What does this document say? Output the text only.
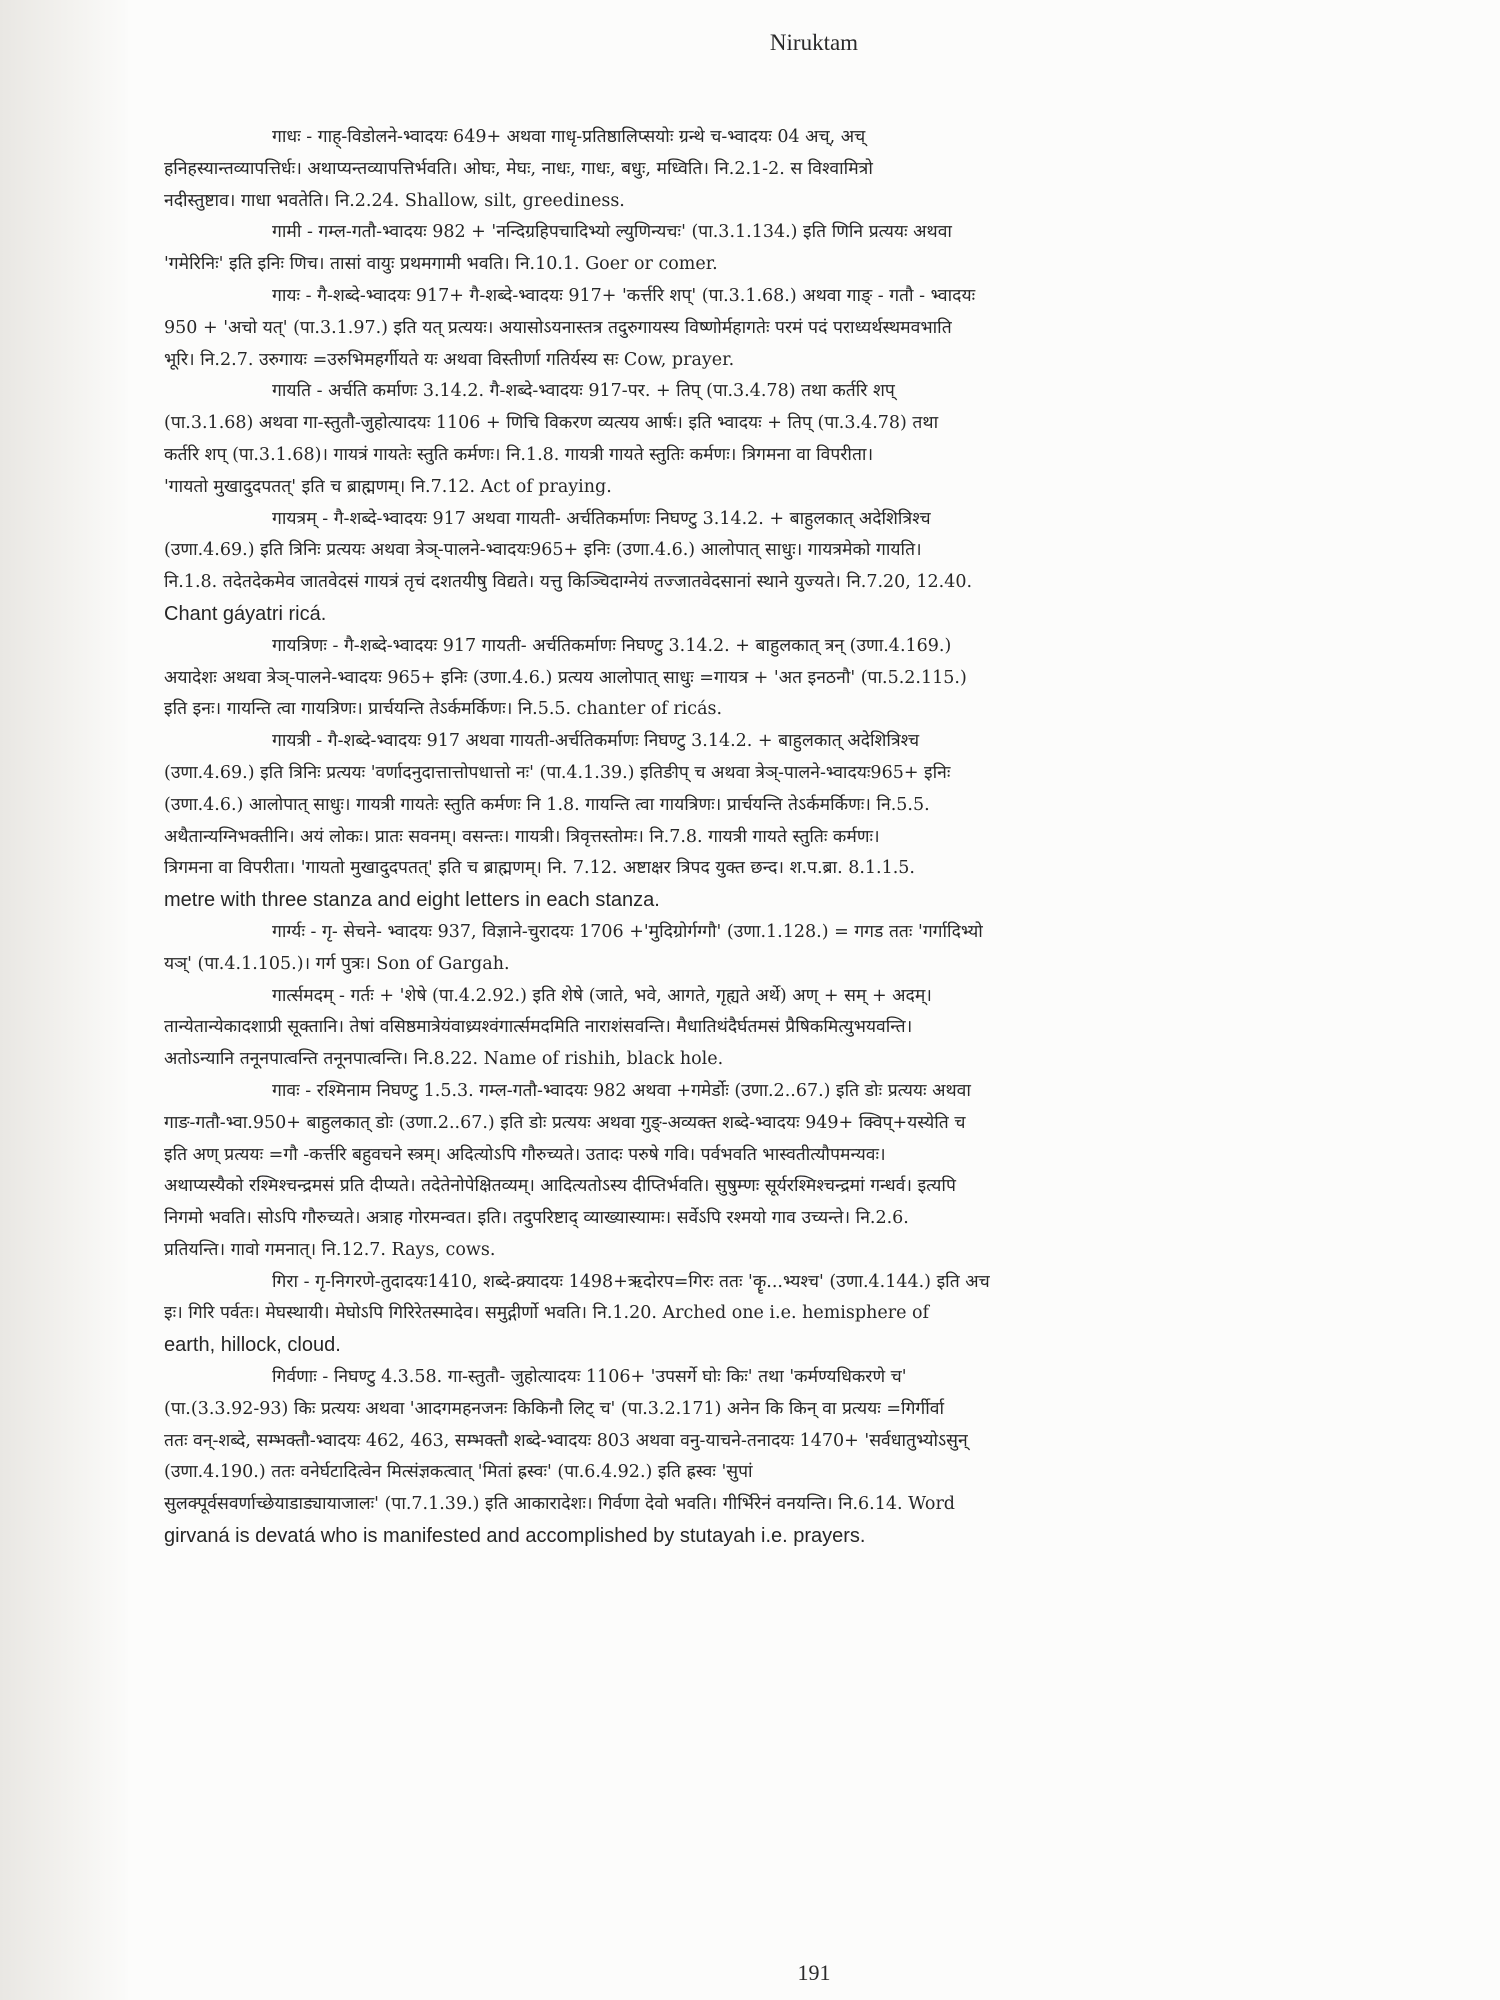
Niruktam
गाधः - गाह्-विडोलने-भ्वादयः 649+ अथवा गाधृ-प्रतिष्ठालिप्सयोः ग्रन्थे च-भ्वादयः 04 अच्, अच्
हनिहस्यान्तव्यापत्तिर्धः। अथाप्यन्तव्यापत्तिर्भवति। ओघः, मेघः, नाधः, गाधः, बधुः, मध्विति। नि.2.1-2. स विश्वामित्रो
नदीस्तुष्टाव। गाधा भवतेति। नि.2.24. Shallow, silt, greediness.
गामी - गम्ल-गतौ-भ्वादयः 982 + 'नन्दिग्रहिपचादिभ्यो ल्युणिन्यचः' (पा.3.1.134.) इति णिनि प्रत्ययः अथवा
'गमेरिनिः' इति इनिः णिच। तासां वायुः प्रथमगामी भवति। नि.10.1. Goer or comer.
गायः - गै-शब्दे-भ्वादयः 917+ गै-शब्दे-भ्वादयः 917+ 'कर्त्तरि शप्' (पा.3.1.68.) अथवा गाङ् - गतौ - भ्वादयः
950 + 'अचो यत्' (पा.3.1.97.) इति यत् प्रत्ययः। अयासोऽयनास्तत्र तदुरुगायस्य विष्णोर्महागतेः परमं पदं पराध्यर्थस्थमवभाति
भूरि। नि.2.7. उरुगायः =उरुभिमहर्गीयते यः अथवा विस्तीर्णा गतिर्यस्य सः Cow, prayer.
गायति - अर्चति कर्माणः 3.14.2. गै-शब्दे-भ्वादयः 917-पर. + तिप् (पा.3.4.78) तथा कर्तरि शप्
(पा.3.1.68) अथवा गा-स्तुतौ-जुहोत्यादयः 1106 + णिचि विकरण व्यत्यय आर्षः। इति भ्वादयः + तिप् (पा.3.4.78) तथा
कर्तरि शप् (पा.3.1.68)। गायत्रं गायतेः स्तुति कर्मणः। नि.1.8. गायत्री गायते स्तुतिः कर्मणः। त्रिगमना वा विपरीता।
'गायतो मुखादुदपतत्' इति च ब्राह्मणम्। नि.7.12. Act of praying.
गायत्रम् - गै-शब्दे-भ्वादयः 917 अथवा गायती- अर्चतिकर्माणः निघण्टु 3.14.2. + बाहुलकात् अदेशित्रिश्च
(उणा.4.69.) इति त्रिनिः प्रत्ययः अथवा त्रेञ्-पालने-भ्वादयः965+ इनिः (उणा.4.6.) आलोपात् साधुः। गायत्रमेको गायति।
नि.1.8. तदेतदेकमेव जातवेदसं गायत्रं तृचं दशतयीषु विद्यते। यत्तु किञ्चिदाग्नेयं तज्जातवेदसानां स्थाने युज्यते। नि.7.20, 12.40.
Chant gáyatri ricá.
गायत्रिणः - गै-शब्दे-भ्वादयः 917 गायती- अर्चतिकर्माणः निघण्टु 3.14.2. + बाहुलकात् त्रन् (उणा.4.169.)
अयादेशः अथवा त्रेञ्-पालने-भ्वादयः 965+ इनिः (उणा.4.6.) प्रत्यय आलोपात् साधुः =गायत्र + 'अत इनठनौ' (पा.5.2.115.)
इति इनः। गायन्ति त्वा गायत्रिणः। प्रार्चयन्ति तेऽर्कमर्किणः। नि.5.5. chanter of ricás.
गायत्री - गै-शब्दे-भ्वादयः 917 अथवा गायती-अर्चतिकर्माणः निघण्टु 3.14.2. + बाहुलकात् अदेशित्रिश्च
(उणा.4.69.) इति त्रिनिः प्रत्ययः 'वर्णादनुदात्तात्तोपधात्तो नः' (पा.4.1.39.) इतिङीप् च अथवा त्रेञ्-पालने-भ्वादयः965+ इनिः
(उणा.4.6.) आलोपात् साधुः। गायत्री गायतेः स्तुति कर्मणः नि 1.8. गायन्ति त्वा गायत्रिणः। प्रार्चयन्ति तेऽर्कमर्किणः। नि.5.5.
अथैतान्यग्निभक्तीनि। अयं लोकः। प्रातः सवनम्। वसन्तः। गायत्री। त्रिवृत्तस्तोमः। नि.7.8. गायत्री गायते स्तुतिः कर्मणः।
त्रिगमना वा विपरीता। 'गायतो मुखादुदपतत्' इति च ब्राह्मणम्। नि. 7.12. अष्टाक्षर त्रिपद युक्त छन्द। श.प.ब्रा. 8.1.1.5.
metre with three stanza and eight letters in each stanza.
गार्ग्यः - गृ- सेचने- भ्वादयः 937, विज्ञाने-चुरादयः 1706 +'मुदिग्रोर्गग्गौ' (उणा.1.128.) = गगड ततः 'गर्गादिभ्यो
यञ्' (पा.4.1.105.)। गर्ग पुत्रः। Son of Gargah.
गार्त्समदम् - गर्तः + 'शेषे (पा.4.2.92.) इति शेषे (जाते, भवे, आगते, गृह्यते अर्थे) अण् + सम् + अदम्।
तान्येतान्येकादशाप्री सूक्तानि। तेषां वसिष्ठमात्रेयंवाध्र्यश्वंगार्त्समदमिति नाराशंसवन्ति। मैधातिथंदैर्घतमसं प्रैषिकमित्युभयवन्ति।
अतोऽन्यानि तनूनपात्वन्ति तनूनपात्वन्ति। नि.8.22. Name of rishih, black hole.
गावः - रश्मिनाम निघण्टु 1.5.3. गम्ल-गतौ-भ्वादयः 982 अथवा +गमेर्डोः (उणा.2..67.) इति डोः प्रत्ययः अथवा
गाङ-गतौ-भ्वा.950+ बाहुलकात् डोः (उणा.2..67.) इति डोः प्रत्ययः अथवा गुङ्-अव्यक्त शब्दे-भ्वादयः 949+ क्विप्+यस्येति च
इति अण् प्रत्ययः =गौ -कर्त्तरि बहुवचने स्त्रम्। अदित्योऽपि गौरुच्यते। उतादः परुषे गवि। पर्वभवति भास्वतीत्यौपमन्यवः।
अथाप्यस्यैको रश्मिश्चन्द्रमसं प्रति दीप्यते। तदेतेनोपेक्षितव्यम्। आदित्यतोऽस्य दीप्तिर्भवति। सुषुम्णः सूर्यरश्मिश्चन्द्रमां गन्धर्व। इत्यपि
निगमो भवति। सोऽपि गौरुच्यते। अत्राह गोरमन्वत। इति। तदुपरिष्टाद् व्याख्यास्यामः। सर्वेऽपि रश्मयो गाव उच्यन्ते। नि.2.6.
प्रतियन्ति। गावो गमनात्। नि.12.7. Rays, cows.
गिरा - गृ-निगरणे-तुदादयः1410, शब्दे-क्र्यादयः 1498+ऋदोरप=गिरः ततः 'कॄ...भ्यश्च' (उणा.4.144.) इति अच
इः। गिरि पर्वतः। मेघस्थायी। मेघोऽपि गिरिरेतस्मादेव। समुद्गीर्णो भवति। नि.1.20. Arched one i.e. hemisphere of
earth, hillock, cloud.
गिर्वणाः - निघण्टु 4.3.58. गा-स्तुतौ- जुहोत्यादयः 1106+ 'उपसर्गे घोः किः' तथा 'कर्मण्यधिकरणे च'
(पा.(3.3.92-93) किः प्रत्ययः अथवा 'आदगमहनजनः किकिनौ लिट् च' (पा.3.2.171) अनेन कि किन् वा प्रत्ययः =गिर्गीर्वा
ततः वन्-शब्दे, सम्भक्तौ-भ्वादयः 462, 463, सम्भक्तौ शब्दे-भ्वादयः 803 अथवा वनु-याचने-तनादयः 1470+ 'सर्वधातुभ्योऽसुन्
(उणा.4.190.) ततः वनेर्घटादित्वेन मित्संज्ञकत्वात् 'मितां ह्रस्वः' (पा.6.4.92.) इति ह्रस्वः 'सुपां
सुलक्पूर्वसवर्णाच्छेयाडाड्यायाजालः' (पा.7.1.39.) इति आकारादेशः। गिर्वणा देवो भवति। गीर्भिरेनं वनयन्ति। नि.6.14. Word
girvaná is devatá who is manifested and accomplished by stutayah i.e. prayers.
191
